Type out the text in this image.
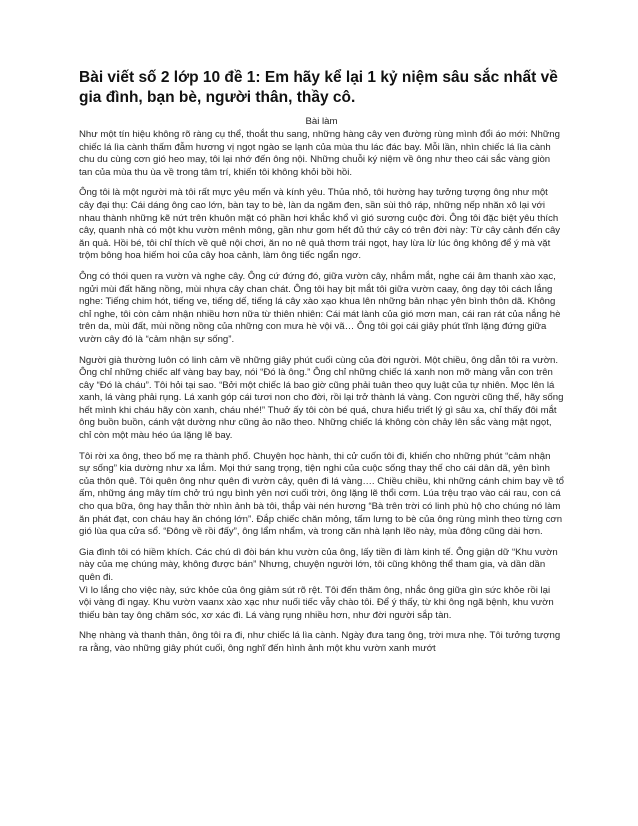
Bài viết số 2 lớp 10 đề 1: Em hãy kể lại 1 kỷ niệm sâu sắc nhất về gia đình, bạn bè, người thân, thầy cô.
Bài làm

Như một tín hiệu không rõ ràng cụ thể, thoắt thu sang, những hàng cây ven đường rùng mình đổi áo mới: Những chiếc lá lìa cành thấm đẫm hương vị ngọt ngào se lạnh của mùa thu lác đác bay. Mỗi lần, nhìn chiếc lá lìa cành chu du cùng cơn gió heo may, tôi lại nhớ đến ông nội. Những chuỗi ký niệm về ông như theo cái sắc vàng giòn tan của mùa thu ùa về trong tâm trí, khiến tôi không khỏi bồi hồi.

Ông tôi là một người mà tôi rất mực yêu mến và kính yêu. Thủa nhỏ, tôi hường hay tưởng tượng ông như một cây đại thụ: Cái dáng ông cao lớn, bàn tay to bè, làn da ngăm đen, sần sùi thô ráp, những nếp nhăn xô lại với nhau thành những kẽ nứt trên khuôn mặt có phần hơi khắc khổ vì gió sương cuộc đời. Ông tôi đặc biệt yêu thích cây, quanh nhà có một khu vườn mênh mông, gần như gom hết đủ thứ cây có trên đời này: Từ cây cảnh đến cây ăn quả. Hồi bé, tôi chỉ thích về quê nội chơi, ăn no nê quả thơm trái ngọt, hay lừa lừ lúc ông không để ý mà vặt trộm bông hoa hiếm hoi của cây hoa cảnh, làm ông tiếc ngẩn ngơ.

Ông có thói quen ra vườn và nghe cây. Ông cứ đứng đó, giữa vườn cây, nhắm mắt, nghe cái âm thanh xào xạc, ngửi mùi đất hăng nồng, mùi nhựa cây chan chát. Ông tôi hay bịt mắt tôi giữa vườn caay, ông dạy tôi cách lắng nghe: Tiếng chim hót, tiếng ve, tiếng dế, tiếng lá cây xào xạo khua lên những bản nhạc yên bình thôn dã. Không chỉ nghe, tôi còn cảm nhận nhiều hơn nữa từ thiên nhiên: Cái mát lành của gió mơn man, cái ran rát của nắng hè trên da, mùi đất, mùi nồng nồng của những con mưa hè vội vã… Ông tôi gọi cái giây phút tĩnh lặng đứng giữa vườn cây đó là “cảm nhận sự sống”.

Người già thường luôn có linh cảm về những giây phút cuối cùng của đời người. Một chiều, ông dẫn tôi ra vườn. Ông chỉ những chiếc alf vàng bay bay, nói “Đó là ông.” Ông chỉ những chiếc lá xanh non mỡ màng vẫn con trên cây “Đó là cháu”. Tôi hỏi tại sao. “Bởi một chiếc lá bao giờ cũng phải tuân theo quy luật của tự nhiên. Mọc lên lá xanh, lá vàng phải rụng. Lá xanh góp cái tươi non cho đời, rồi lại trở thành lá vàng. Con người cũng thế, hãy sống hết mình khi cháu hãy còn xanh, cháu nhé!” Thuở ấy tôi còn bé quá, chưa hiểu triết lý gì sâu xa, chỉ thấy đôi mắt ông buồn buồn, cánh vật dường như cũng ảo não theo. Những chiếc lá không còn chảy lên sắc vàng mật ngọt, chỉ còn một màu héo úa lặng lẽ bay.

Tôi rời xa ông, theo bố mẹ ra thành phố. Chuyện học hành, thi cử cuốn tôi đi, khiến cho những phút “cảm nhận sự sống” kia dường như xa lắm. Mọi thứ sang trọng, tiện nghi của cuộc sống thay thế cho cái dân dã, yên bình của thôn quê. Tôi quên ông như quên đi vườn cây, quên đi lá vàng…. Chiều chiều, khi những cánh chim bay về tổ ấm, những áng mây tím chở trú ngụ bình yên nơi cuối trời, ông lặng lẽ thổi cơm. Lúa trệu trạo vào cái rau, con cá cho qua bữa, ông hay thẫn thờ nhìn ảnh bà tôi, thắp vài nén hương “Bà trên trời có linh phù hộ cho chúng nó làm ăn phát đạt, con cháu hay ăn chóng lớn”. Đắp chiếc chăn mỏng, tấm lưng to bè của ông rùng mình theo từng cơn gió lùa qua cửa sổ. “Đông về rồi đấy”, ông lẩm nhẩm, và trong căn nhà lạnh lẽo này, mùa đông cũng dài hơn.

Gia đình tôi có hiềm khích. Các chú dì đòi bán khu vườn của ông, lấy tiền đi làm kinh tế. Ông giận dữ “Khu vườn này của mẹ chúng mày, không được bán” Nhưng, chuyện người lớn, tôi cũng không thể tham gia, và dần dần quên đi.
Vì lo lắng cho việc này, sức khỏe của ông giảm sút rõ rệt. Tôi đến thăm ông, nhắc ông giữa gìn sức khỏe rồi lại vội vàng đi ngay. Khu vườn vaanx xào xạc như nuối tiếc vẫy chào tôi. Để ý thấy, từ khi ông ngã bệnh, khu vườn thiếu bàn tay ông chăm sóc, xơ xác đi. Lá vàng rụng nhiều hơn, như đời người sắp tàn.

Nhẹ nhàng và thanh thản, ông tôi ra đi, như chiếc lá lìa cành. Ngày đưa tang ông, trời mưa nhẹ. Tôi tưởng tượng ra rằng, vào những giây phút cuối, ông nghĩ đến hình ảnh một khu vườn xanh mướt
